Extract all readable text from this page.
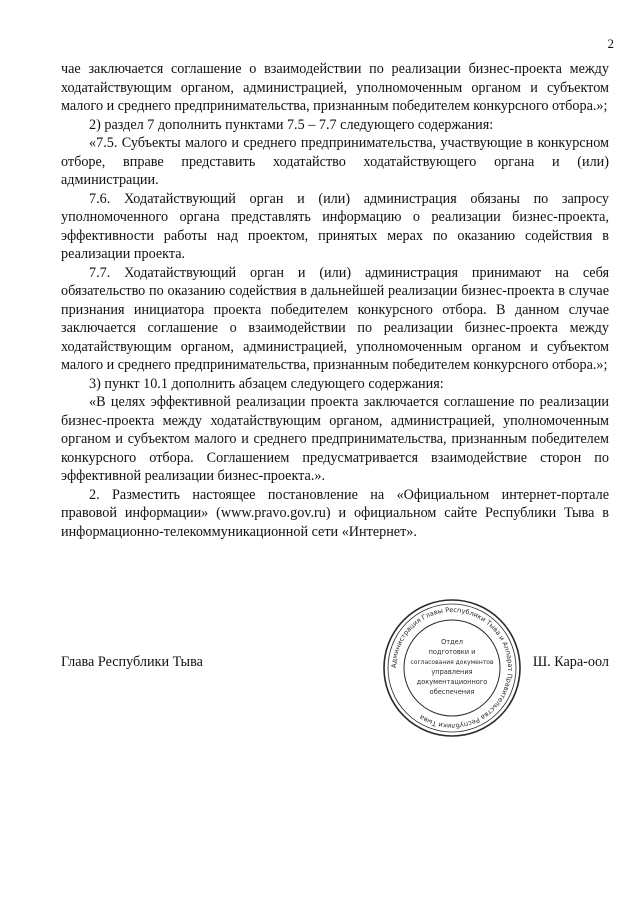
2

чае заключается соглашение о взаимодействии по реализации бизнес-проекта между ходатайствующим органом, администрацией, уполномоченным органом и субъектом малого и среднего предпринимательства, признанным победителем конкурсного отбора.»;

2) раздел 7 дополнить пунктами 7.5 – 7.7 следующего содержания:

«7.5. Субъекты малого и среднего предпринимательства, участвующие в конкурсном отборе, вправе представить ходатайство ходатайствующего органа и (или) администрации.

7.6. Ходатайствующий орган и (или) администрация обязаны по запросу уполномоченного органа представлять информацию о реализации бизнес-проекта, эффективности работы над проектом, принятых мерах по оказанию содействия в реализации проекта.

7.7. Ходатайствующий орган и (или) администрация принимают на себя обязательство по оказанию содействия в дальнейшей реализации бизнес-проекта в случае признания инициатора проекта победителем конкурсного отбора. В данном случае заключается соглашение о взаимодействии по реализации бизнес-проекта между ходатайствующим органом, администрацией, уполномоченным органом и субъектом малого и среднего предпринимательства, признанным победителем конкурсного отбора.»;

3) пункт 10.1 дополнить абзацем следующего содержания:

«В целях эффективной реализации проекта заключается соглашение по реализации бизнес-проекта между ходатайствующим органом, администрацией, уполномоченным органом и субъектом малого и среднего предпринимательства, признанным победителем конкурсного отбора. Соглашением предусматривается взаимодействие сторон по эффективной реализации бизнес-проекта.».

2. Разместить настоящее постановление на «Официальном интернет-портале правовой информации» (www.pravo.gov.ru) и официальном сайте Республики Тыва в информационно-телекоммуникационной сети «Интернет».

Глава Республики Тыва	Администрация Главы Республики Тыва и Аппарат Правительства Республики Тыва
Отдел
подготовки и
согласования документов
управления
документационного
обеспечения
Ш. Кара-оол
